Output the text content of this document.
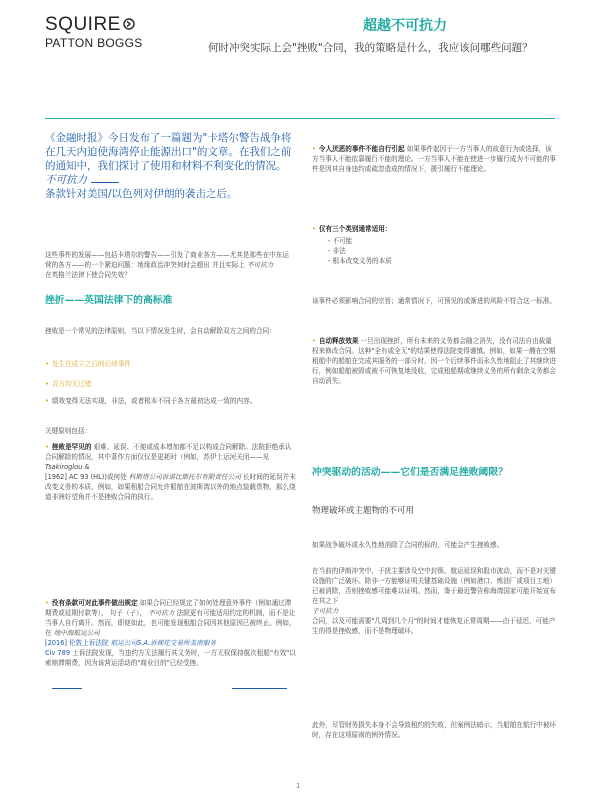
SQUIRE
PATTON BOGGS
超越不可抗力
何时冲突实际上会"挫败"合同，我的策略是什么，我应该问哪些问题？
《金融时报》今日发布了一篇题为"卡塔尔警告战争将在几天内迫使海湾停止能源出口"的文章。在我们之前的通知中，我们探讨了使用和材料不利变化的情况。 不可抗力
条款针对美国/以色列对伊朗的袭击之后。
这些事件的发展——包括卡塔尔的警告——引发了商业各方——尤其是那些在中东运营的各方——的一个紧迫问题：地缘政治冲突何时会超出 并且实际上 不可抗力
在英格兰法律下使合同失效？
挫折——英国法律下的高标准
挫败是一个常见的法律原则，当以下情况发生时，会自动解除双方之间的合同：
• 发生在成立之后的后续事件
• 双方均无过错
• 绩效变得无法实现，非法，或者根本不同于各方最初达成一致的内容。
关键原则包括：
• 挫败是罕见的 艰难、延误、不便或成本增加都不足以构成合同解除。法院拒绝承认合同解除的情况，其中著作方面仅仅是更耗时（例如，苏伊士运河关闭——见 Tsakiroglou &
[1962] AC 93 (HL))或何处 科斯塔公司诉诺比斯托尔有限责任公司 长时间的延误并未改变义务的本质。例如，如果租船合同允许船舶在波斯湾以外的地点装载货物，那么绕道非洲好望角并不是挫败合同的执行。
• 没有条款可对此事件做出规定 如果合同已经规定了如何处理意外事件（例如通过滞期费或延期付款等）， 句子（子）， 不可抗力 法院更有可能适用约定的机制，而不是让当事人自行离开。然而，即便如此，也可能发现租船合同因其他原因已被终止。例如，在 地中海航运公司
[2016] 伦敦上诉法院 航运公司S.A.诉裸花交易所美南船务
Civ 789 上诉法院发现，当违约方无法履行其义务时，一方无权保持航次租船"有效"以索赔滞期费，因为该营运活动的"商业目的"已经受挫。
• 令人厌恶的事件不能自行引起 如果事件起因于一方当事人的故意行为或选择，该方当事人不能依靠履行不能的理论。一方当事人不能在使进一步履行成为不可能的事件是因其自身违约或疏忽造成的情况下，援引履行不能理论。
• 仅有三个类别通常适用：
- 不可能
- 非法
- 根本改变义务的本质
该事件必须影响合同的宗旨；通常情况下，可预见的或渐进的风险不符合这一标准。
• 自动释放效果 一旦出现挫折，所有未来的义务都会随之消失，没有司法自由裁量权来修改合同。这种"全有或全无"的结果使得法院变得谨慎。例如，如果一艘在空期租船中的船舶在完成其服务的一部分时，因一个后续事件而永久性地阻止了其继续进行，例如船舶被毁或被不可恢复地没收，完成租船期或继续义务的所有剩余义务都会自动消失。
冲突驱动的活动——它们是否满足挫败阈限？
物理破坏或主题物的不可用
如果战争破坏或永久性地消除了合同的标的，可能会产生挫败感。
在当前的伊朗冲突中，于扰主要涉及空中封锁、航运延误和股市波动，而不是对关键设施的广泛破坏。除非一方能够证明关键基础设施（例如港口、炼油厂或项目工地）已被消除，否则挫败感可能难以证明。然而，鉴于最近警告称海湾国家可能开始宣布 在其之下
子可抗力
合同，以及可能需要"几周到几个月"的时间才能恢复正常周期——由于延迟，可能产生的得是挫败感，而不是物理破坏。
此外，尽管财务损失本身不会导致租约的失败，但案例法暗示，当船舶在航行中被坏时，存在这项原则的例外情况。
1
